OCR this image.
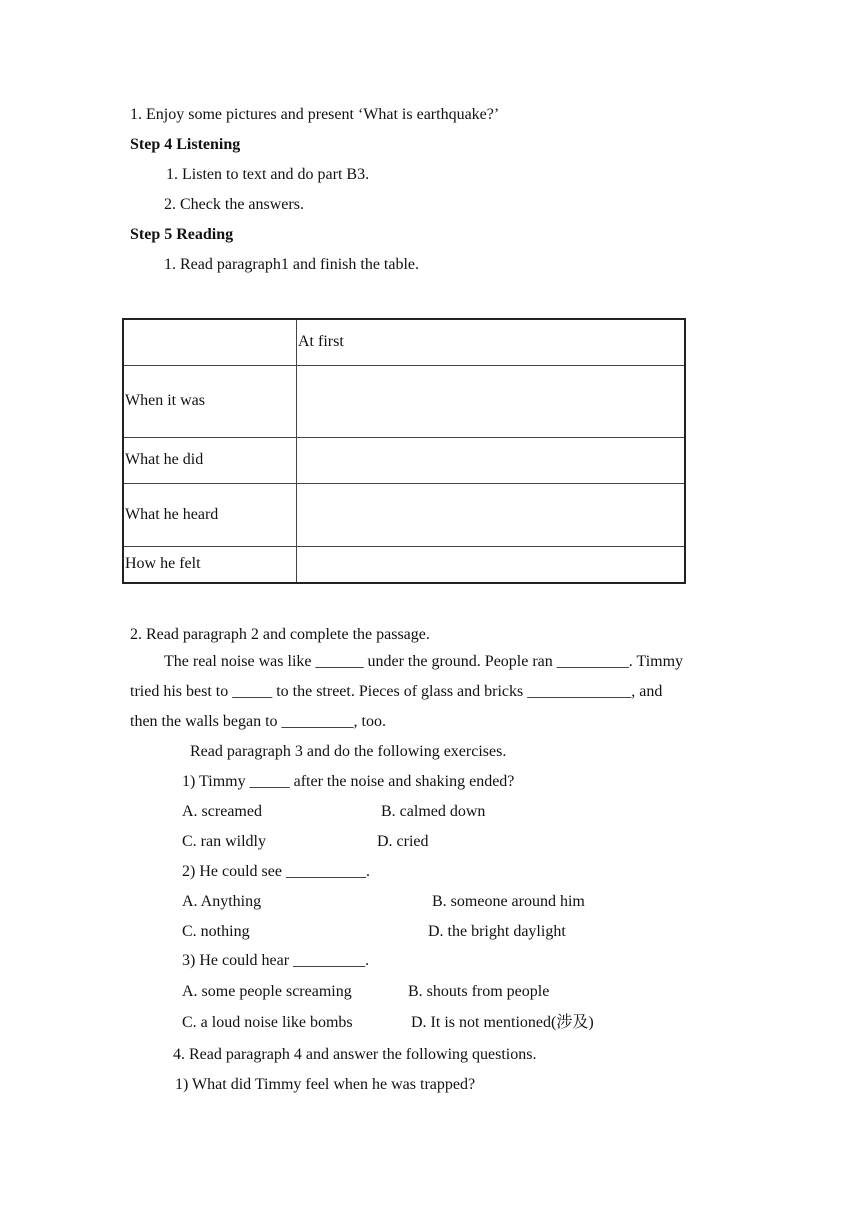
1. Enjoy some pictures and present ‘What is earthquake?’
Step 4 Listening
1. Listen to text and do part B3.
2. Check the answers.
Step 5 Reading
1. Read paragraph1 and finish the table.
	At first
When it was	
What he did	
What he heard	
How he felt	
2. Read paragraph 2 and complete the passage.
The real noise was like ______ under the ground. People ran _________. Timmy
tried his best to _____ to the street. Pieces of glass and bricks _____________, and
then the walls began to _________, too.
Read paragraph 3 and do the following exercises.
1) Timmy _____ after the noise and shaking ended?
A. screamed	B. calmed down
C. ran wildly	D. cried
2) He could see __________.
A. Anything	B. someone around him
C. nothing	D. the bright daylight
3) He could hear _________.
A. some people screaming	B. shouts from people
C. a loud noise like bombs	D. It is not mentioned(涉及)
4. Read paragraph 4 and answer the following questions.
1) What did Timmy feel when he was trapped?
